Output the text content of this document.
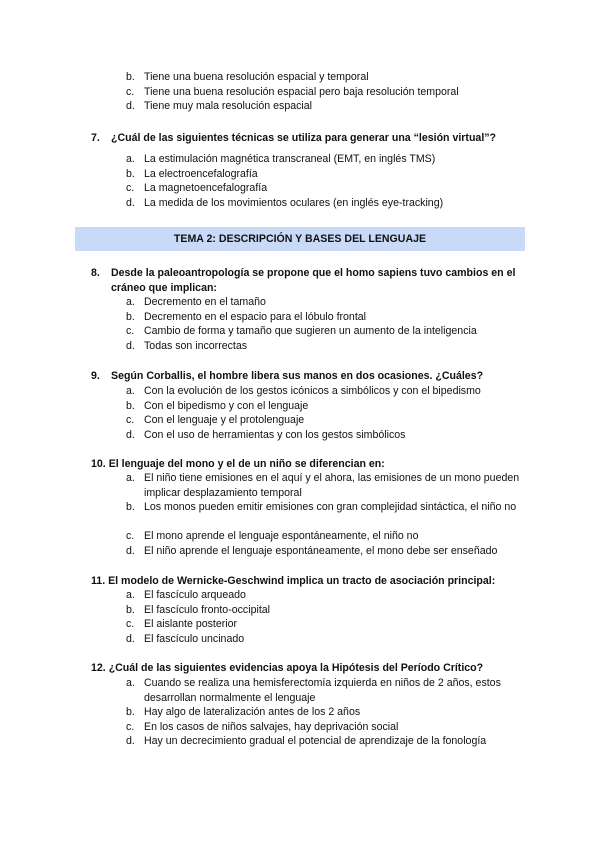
b. Tiene una buena resolución espacial y temporal
c. Tiene una buena resolución espacial pero baja resolución temporal
d. Tiene muy mala resolución espacial
7.	¿Cuál de las siguientes técnicas se utiliza para generar una “lesión virtual”?
a. La estimulación magnética transcraneal (EMT, en inglés TMS)
b. La electroencefalografía
c. La magnetoencefalografía
d. La medida de los movimientos oculares (en inglés eye-tracking)
TEMA 2: DESCRIPCIÓN Y BASES DEL LENGUAJE
8.	Desde la paleoantropología se propone que el homo sapiens tuvo cambios en el cráneo que implican:
a. Decremento en el tamaño
b. Decremento en el espacio para el lóbulo frontal
c. Cambio de forma y tamaño que sugieren un aumento de la inteligencia
d. Todas son incorrectas
9.	Según Corballis, el hombre libera sus manos en dos ocasiones. ¿Cuáles?
a. Con la evolución de los gestos icónicos a simbólicos y con el bipedismo
b. Con el bipedismo y con el lenguaje
c. Con el lenguaje y el protolenguaje
d. Con el uso de herramientas y con los gestos simbólicos
10. El lenguaje del mono y el de un niño se diferencian en:
a. El niño tiene emisiones en el aquí y el ahora, las emisiones de un mono pueden implicar desplazamiento temporal
b. Los monos pueden emitir emisiones con gran complejidad sintáctica, el niño no
c. El mono aprende el lenguaje espontáneamente, el niño no
d. El niño aprende el lenguaje espontáneamente, el mono debe ser enseñado
11. El modelo de Wernicke-Geschwind implica un tracto de asociación principal:
a. El fascículo arqueado
b. El fascículo fronto-occipital
c. El aislante posterior
d. El fascículo uncinado
12. ¿Cuál de las siguientes evidencias apoya la Hipótesis del Período Crítico?
a. Cuando se realiza una hemisferectomía izquierda en niños de 2 años, estos desarrollan normalmente el lenguaje
b. Hay algo de lateralización antes de los 2 años
c. En los casos de niños salvajes, hay deprivación social
d. Hay un decrecimiento gradual el potencial de aprendizaje de la fonología
